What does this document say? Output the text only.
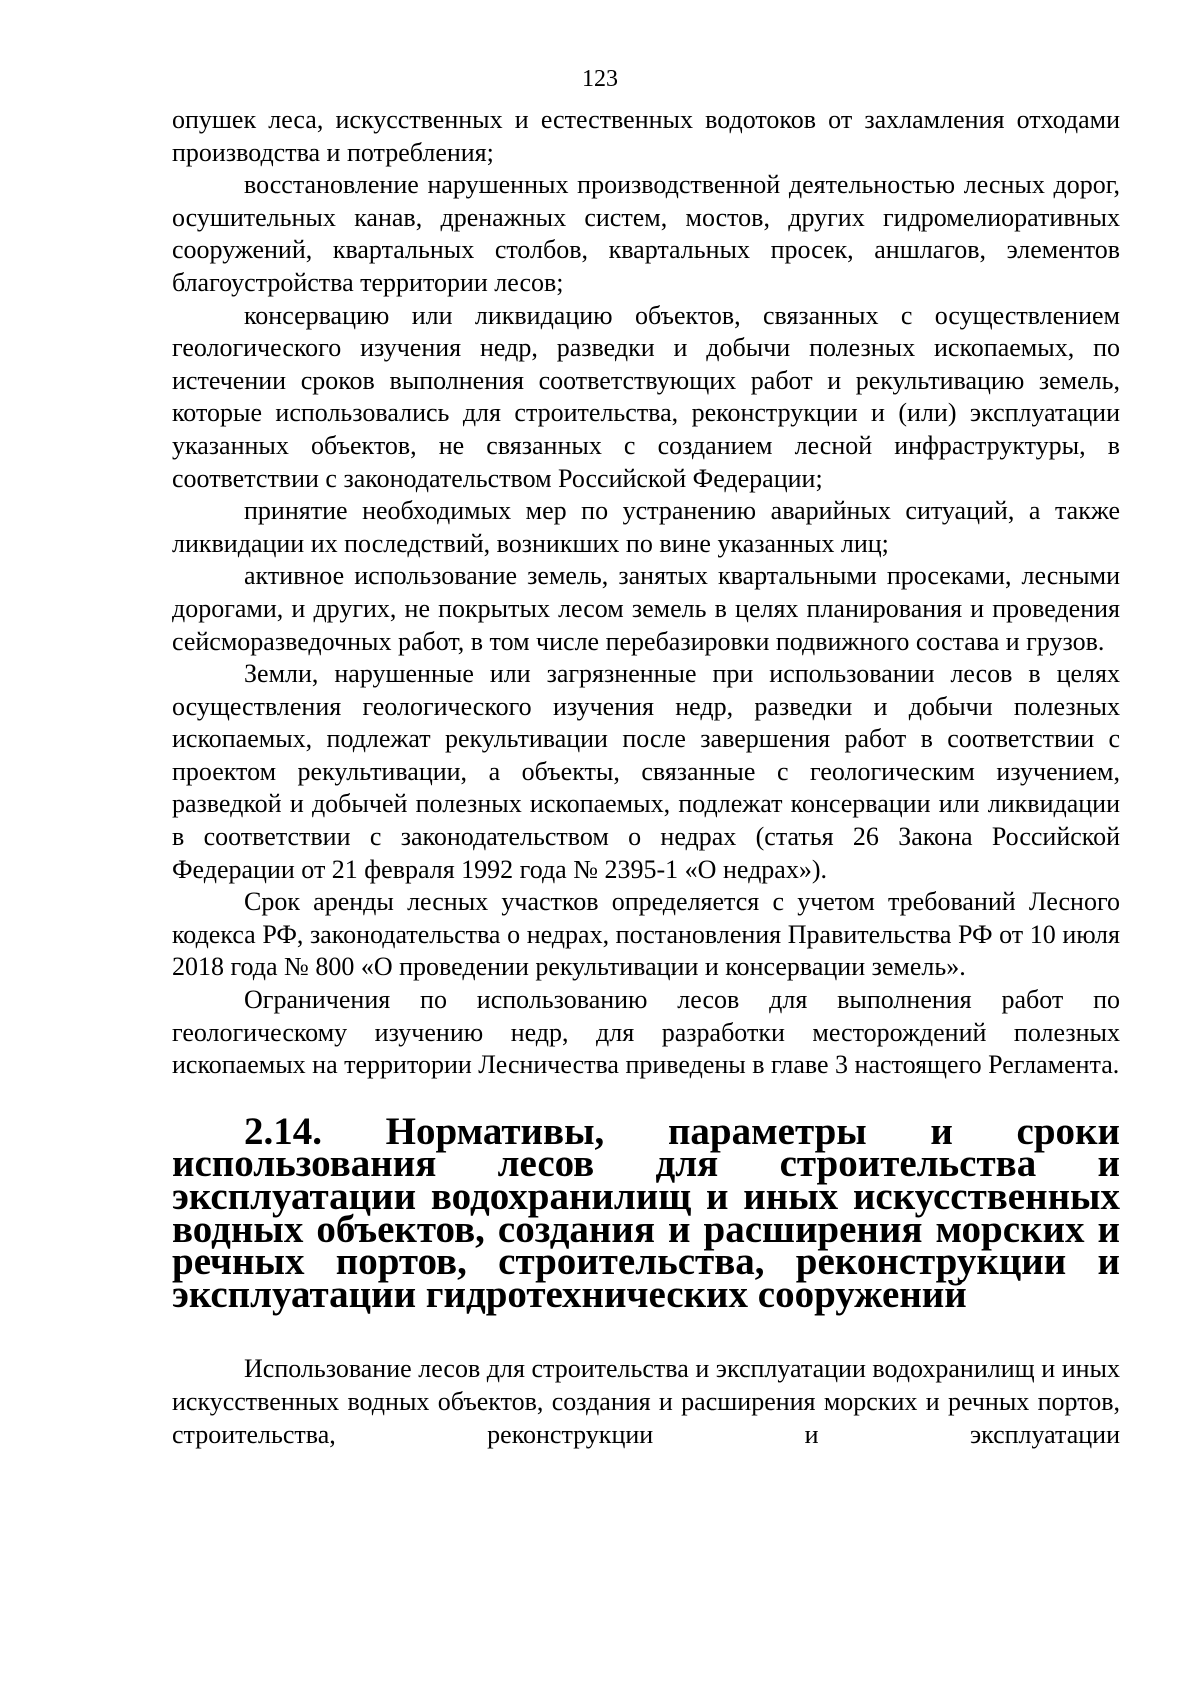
123

опушек леса, искусственных и естественных водотоков от захламления отходами производства и потребления;

восстановление нарушенных производственной деятельностью лесных дорог, осушительных канав, дренажных систем, мостов, других гидромелиоративных сооружений, квартальных столбов, квартальных просек, аншлагов, элементов благоустройства территории лесов;

консервацию или ликвидацию объектов, связанных с осуществлением геологического изучения недр, разведки и добычи полезных ископаемых, по истечении сроков выполнения соответствующих работ и рекультивацию земель, которые использовались для строительства, реконструкции и (или) эксплуатации указанных объектов, не связанных с созданием лесной инфраструктуры, в соответствии с законодательством Российской Федерации;

принятие необходимых мер по устранению аварийных ситуаций, а также ликвидации их последствий, возникших по вине указанных лиц;

активное использование земель, занятых квартальными просеками, лесными дорогами, и других, не покрытых лесом земель в целях планирования и проведения сейсморазведочных работ, в том числе перебазировки подвижного состава и грузов.

Земли, нарушенные или загрязненные при использовании лесов в целях осуществления геологического изучения недр, разведки и добычи полезных ископаемых, подлежат рекультивации после завершения работ в соответствии с проектом рекультивации, а объекты, связанные с геологическим изучением, разведкой и добычей полезных ископаемых, подлежат консервации или ликвидации в соответствии с законодательством о недрах (статья 26 Закона Российской Федерации от 21 февраля 1992 года № 2395-1 «О недрах»).

Срок аренды лесных участков определяется с учетом требований Лесного кодекса РФ, законодательства о недрах, постановления Правительства РФ от 10 июля 2018 года № 800 «О проведении рекультивации и консервации земель».

Ограничения по использованию лесов для выполнения работ по геологическому изучению недр, для разработки месторождений полезных ископаемых на территории Лесничества приведены в главе 3 настоящего Регламента.

2.14. Нормативы, параметры и сроки использования лесов для строительства и эксплуатации водохранилищ и иных искусственных водных объектов, создания и расширения морских и речных портов, строительства, реконструкции и эксплуатации гидротехнических сооружений

Использование лесов для строительства и эксплуатации водохранилищ и иных искусственных водных объектов, создания и расширения морских и речных портов, строительства, реконструкции и эксплуатации
